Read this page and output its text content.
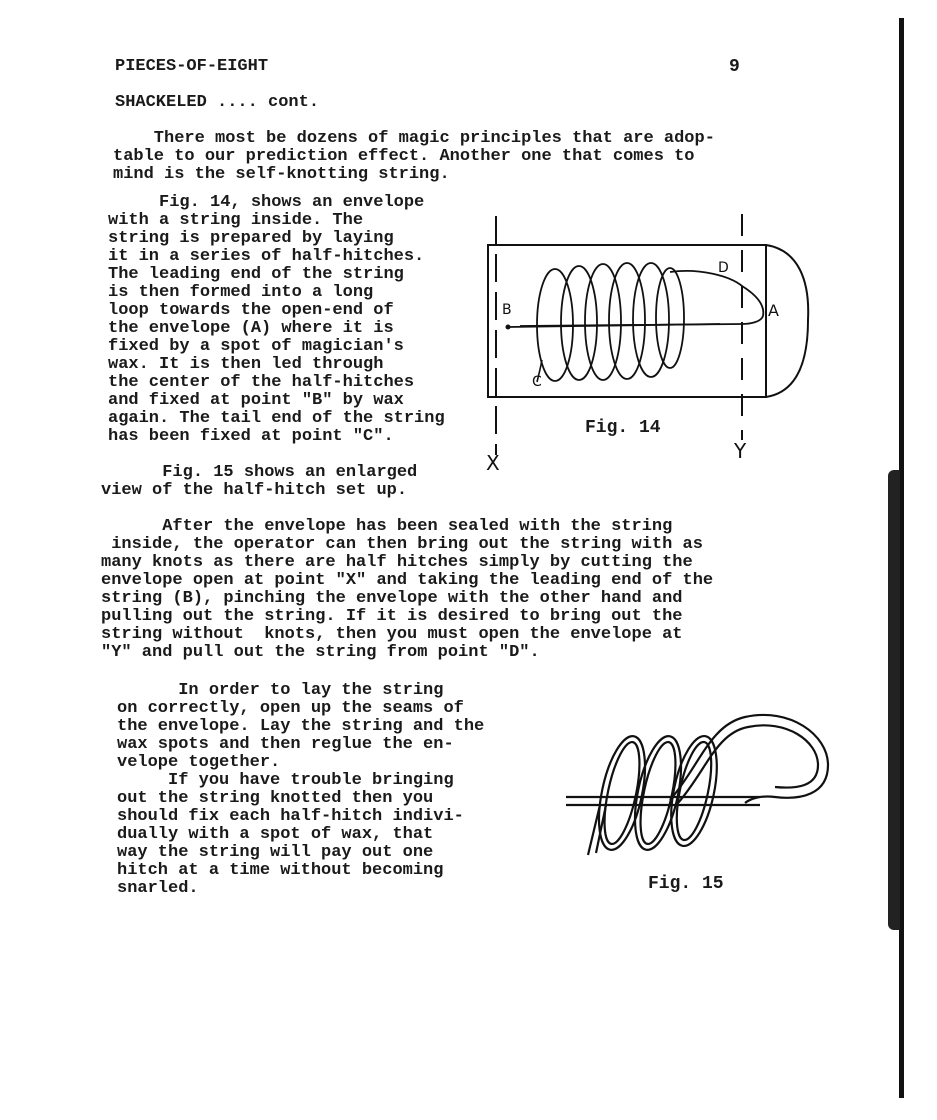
PIECES-OF-EIGHT	9
SHACKELED .... cont.
There most be dozens of magic principles that are adop-
table to our prediction effect. Another one that comes to
mind is the self-knotting string.
Fig. 14, shows an envelope
with a string inside. The
string is prepared by laying
it in a series of half-hitches.
The leading end of the string
is then formed into a long
loop towards the open-end of
the envelope (A) where it is
fixed by a spot of magician's
wax. It is then led through
the center of the half-hitches
and fixed at point "B" by wax
again. The tail end of the string
has been fixed at point "C".
Fig. 15 shows an enlarged
view of the half-hitch set up.
B
C
D
A
X	Y
Fig. 14
After the envelope has been sealed with the string
inside, the operator can then bring out the string with as
many knots as there are half hitches simply by cutting the
envelope open at point "X" and taking the leading end of the
string (B), pinching the envelope with the other hand and
pulling out the string. If it is desired to bring out the
string without  knots, then you must open the envelope at
"Y" and pull out the string from point "D".
In order to lay the string
on correctly, open up the seams of
the envelope. Lay the string and the
wax spots and then reglue the en-
velope together.
If you have trouble bringing
out the string knotted then you
should fix each half-hitch indivi-
dually with a spot of wax, that
way the string will pay out one
hitch at a time without becoming
snarled.	Fig. 15
